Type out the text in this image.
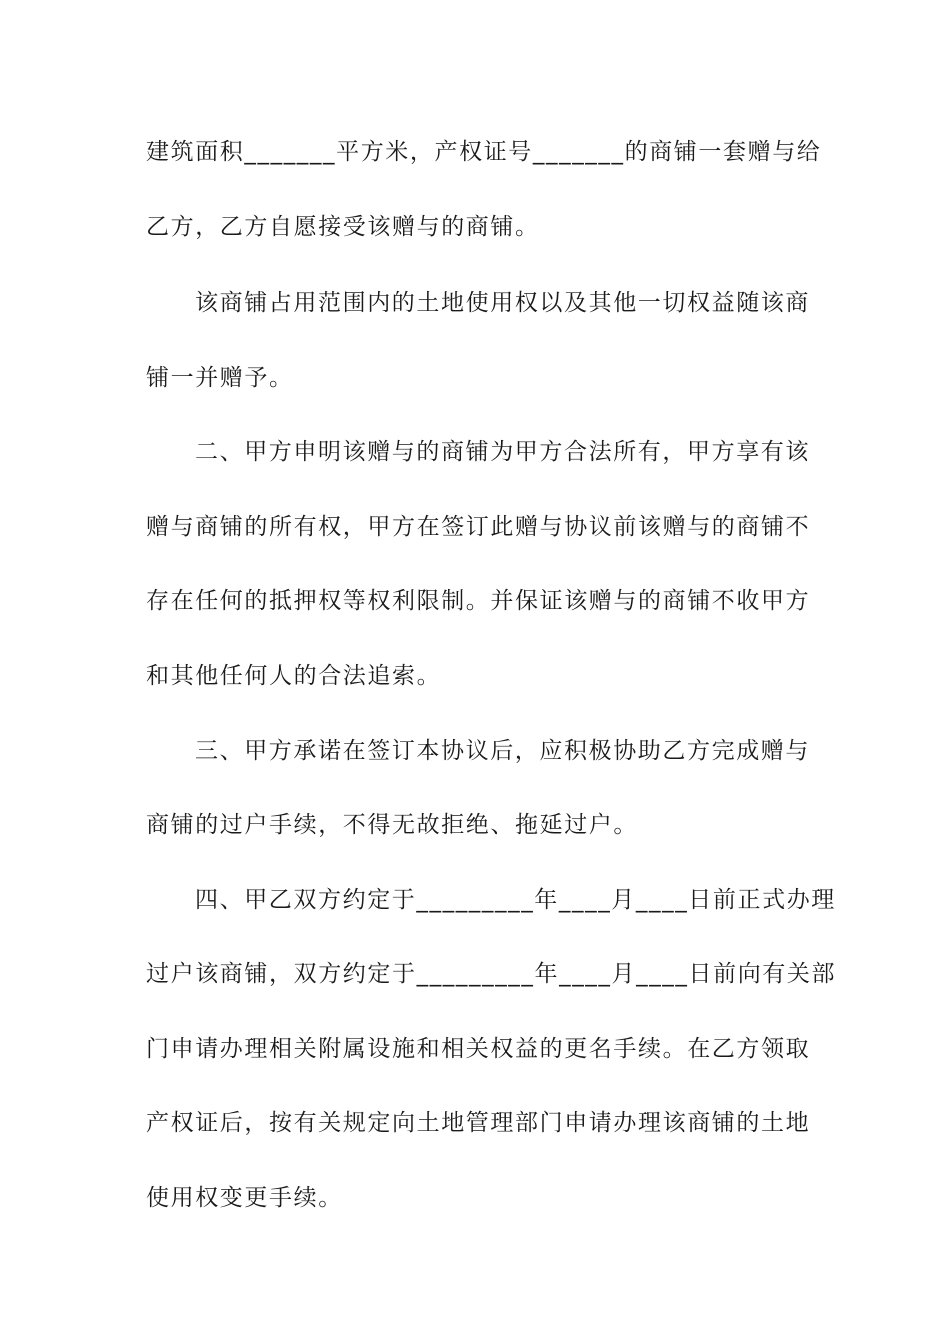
建筑面积_______平方米，产权证号_______的商铺一套赠与给
乙方，乙方自愿接受该赠与的商铺。
该商铺占用范围内的土地使用权以及其他一切权益随该商
铺一并赠予。
二、甲方申明该赠与的商铺为甲方合法所有，甲方享有该
赠与商铺的所有权，甲方在签订此赠与协议前该赠与的商铺不
存在任何的抵押权等权利限制。并保证该赠与的商铺不收甲方
和其他任何人的合法追索。
三、甲方承诺在签订本协议后，应积极协助乙方完成赠与
商铺的过户手续，不得无故拒绝、拖延过户。
四、甲乙双方约定于_________年____月____日前正式办理
过户该商铺，双方约定于_________年____月____日前向有关部
门申请办理相关附属设施和相关权益的更名手续。在乙方领取
产权证后，按有关规定向土地管理部门申请办理该商铺的土地
使用权变更手续。
